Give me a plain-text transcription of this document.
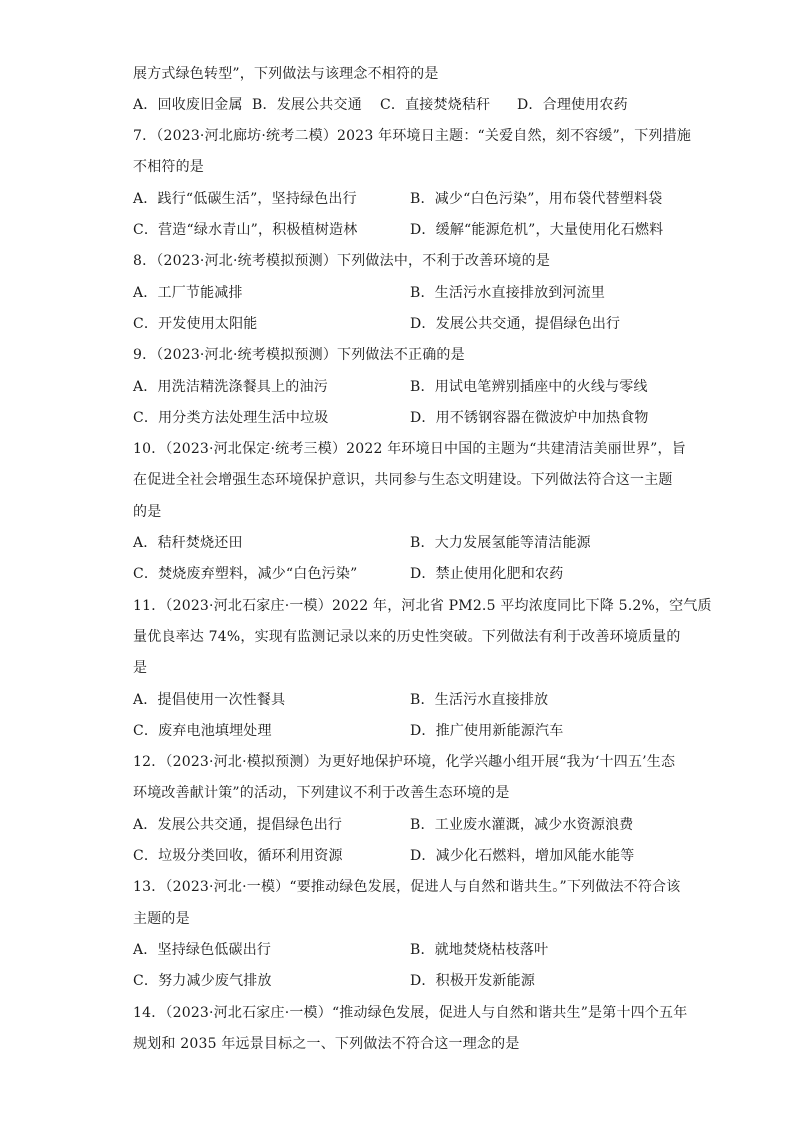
展方式绿色转型”，下列做法与该理念不相符的是
A．回收废旧金属 B．发展公共交通 C．直接焚烧秸秆 D．合理使用农药
7．（2023·河北廊坊·统考二模）2023 年环境日主题：“关爱自然，刻不容缓”，下列措施
不相符的是
A．践行“低碳生活”，坚持绿色出行	B．减少“白色污染”，用布袋代替塑料袋
C．营造“绿水青山”，积极植树造林	D．缓解“能源危机”，大量使用化石燃料
8．（2023·河北·统考模拟预测）下列做法中，不利于改善环境的是
A．工厂节能减排	B．生活污水直接排放到河流里
C．开发使用太阳能	D．发展公共交通，提倡绿色出行
9．（2023·河北·统考模拟预测）下列做法不正确的是
A．用洗洁精洗涤餐具上的油污	B．用试电笔辨别插座中的火线与零线
C．用分类方法处理生活中垃圾	D．用不锈钢容器在微波炉中加热食物
10．（2023·河北保定·统考三模）2022 年环境日中国的主题为“共建清洁美丽世界”，旨
在促进全社会增强生态环境保护意识，共同参与生态文明建设。下列做法符合这一主题
的是
A．秸秆焚烧还田	B．大力发展氢能等清洁能源
C．焚烧废弃塑料，减少“白色污染”	D．禁止使用化肥和农药
11．（2023·河北石家庄·一模）2022 年，河北省 PM2.5 平均浓度同比下降 5.2%，空气质
量优良率达 74%，实现有监测记录以来的历史性突破。下列做法有利于改善环境质量的
是
A．提倡使用一次性餐具	B．生活污水直接排放
C．废弃电池填埋处理	D．推广使用新能源汽车
12．（2023·河北·模拟预测）为更好地保护环境，化学兴趣小组开展“我为‘十四五’生态
环境改善献计策”的活动，下列建议不利于改善生态环境的是
A．发展公共交通，提倡绿色出行	B．工业废水灌溉，减少水资源浪费
C．垃圾分类回收，循环利用资源	D．减少化石燃料，增加风能水能等
13．（2023·河北·一模）“要推动绿色发展，促进人与自然和谐共生。”下列做法不符合该
主题的是
A．坚持绿色低碳出行	B．就地焚烧枯枝落叶
C．努力减少废气排放	D．积极开发新能源
14．（2023·河北石家庄·一模）“推动绿色发展，促进人与自然和谐共生”是第十四个五年
规划和 2035 年远景目标之一、下列做法不符合这一理念的是
